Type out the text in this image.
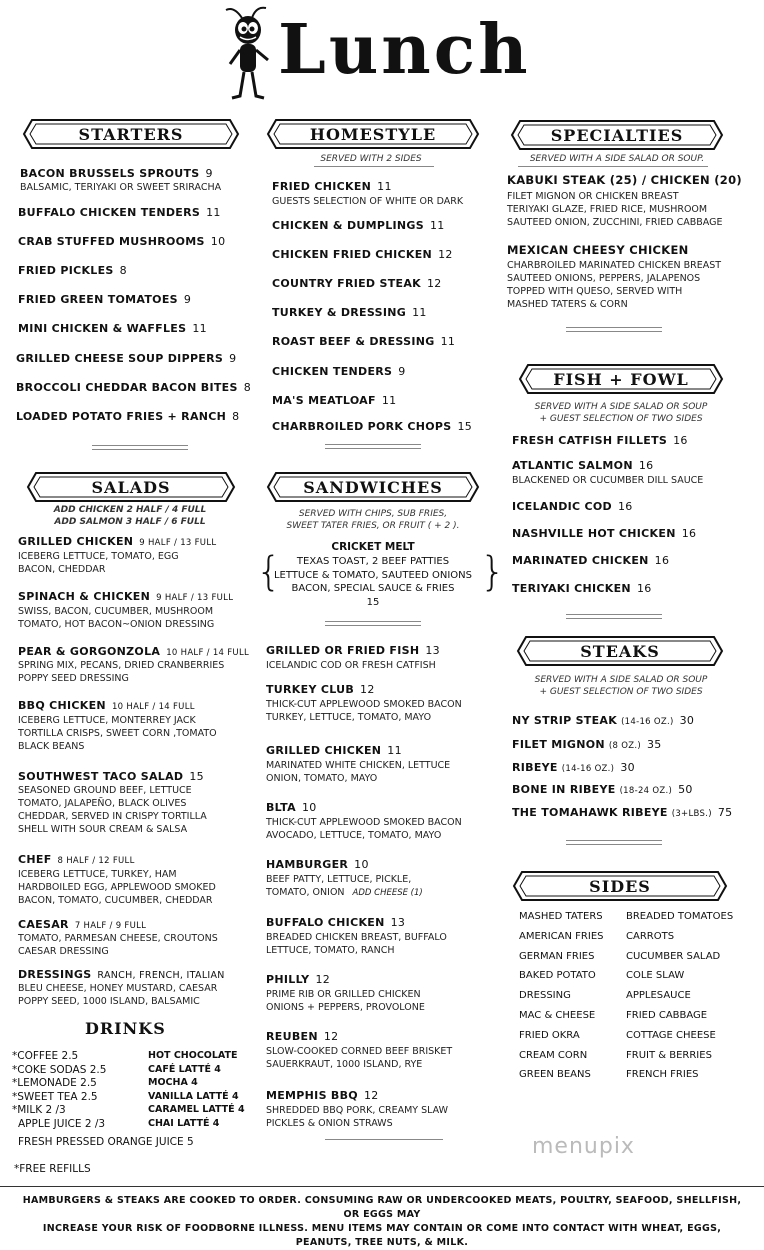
Lunch
STARTERS
BACON BRUSSELS SPROUTS 9
BALSAMIC, TERIYAKI OR SWEET SRIRACHA
BUFFALO CHICKEN TENDERS 11
CRAB STUFFED MUSHROOMS 10
FRIED PICKLES 8
FRIED GREEN TOMATOES 9
MINI CHICKEN & WAFFLES 11
GRILLED CHEESE SOUP DIPPERS 9
BROCCOLI CHEDDAR BACON BITES 8
LOADED POTATO FRIES + RANCH 8
SALADS
ADD CHICKEN 2 HALF / 4 FULL
ADD SALMON 3 HALF / 6 FULL
GRILLED CHICKEN 9 HALF / 13 FULL
ICEBERG LETTUCE, TOMATO, EGG
BACON, CHEDDAR
SPINACH & CHICKEN 9 HALF / 13 FULL
SWISS, BACON, CUCUMBER, MUSHROOM
TOMATO, HOT BACON~ONION DRESSING
PEAR & GORGONZOLA 10 HALF / 14 FULL
SPRING MIX, PECANS, DRIED CRANBERRIES
POPPY SEED DRESSING
BBQ CHICKEN 10 HALF / 14 FULL
ICEBERG LETTUCE, MONTERREY JACK
TORTILLA CRISPS, SWEET CORN ,TOMATO
BLACK BEANS
SOUTHWEST TACO SALAD 15
SEASONED GROUND BEEF, LETTUCE
TOMATO, JALAPEÑO, BLACK OLIVES
CHEDDAR, SERVED IN CRISPY TORTILLA
SHELL WITH SOUR CREAM & SALSA
CHEF 8 HALF / 12 FULL
ICEBERG LETTUCE, TURKEY, HAM
HARDBOILED EGG, APPLEWOOD SMOKED
BACON, TOMATO, CUCUMBER, CHEDDAR
CAESAR 7 HALF / 9 FULL
TOMATO, PARMESAN CHEESE, CROUTONS
CAESAR DRESSING
DRESSINGS RANCH, FRENCH, ITALIAN
BLEU CHEESE, HONEY MUSTARD, CAESAR
POPPY SEED, 1000 ISLAND, BALSAMIC
DRINKS
*COFFEE 2.5
*COKE SODAS 2.5
*LEMONADE 2.5
*SWEET TEA 2.5
*MILK 2 /3
APPLE JUICE 2 /3
HOT CHOCOLATE
CAFÉ LATTÉ 4
MOCHA 4
VANILLA LATTÉ 4
CARAMEL LATTÉ 4
CHAI LATTÉ 4
FRESH PRESSED ORANGE JUICE 5
*FREE REFILLS
HOMESTYLE
SERVED WITH 2 SIDES
FRIED CHICKEN 11
GUESTS SELECTION OF WHITE OR DARK
CHICKEN & DUMPLINGS 11
CHICKEN FRIED CHICKEN 12
COUNTRY FRIED STEAK 12
TURKEY & DRESSING 11
ROAST BEEF & DRESSING 11
CHICKEN TENDERS 9
MA'S MEATLOAF 11
CHARBROILED PORK CHOPS 15
SANDWICHES
SERVED WITH CHIPS, SUB FRIES,
SWEET TATER FRIES, OR FRUIT ( + 2 ).
{	}
CRICKET MELT
TEXAS TOAST, 2 BEEF PATTIES
LETTUCE & TOMATO, SAUTEED ONIONS
BACON, SPECIAL SAUCE & FRIES
15
GRILLED OR FRIED FISH 13
ICELANDIC COD OR FRESH CATFISH
TURKEY CLUB 12
THICK-CUT APPLEWOOD SMOKED BACON
TURKEY, LETTUCE, TOMATO, MAYO
GRILLED CHICKEN 11
MARINATED WHITE CHICKEN, LETTUCE
ONION, TOMATO, MAYO
BLTA 10
THICK-CUT APPLEWOOD SMOKED BACON
AVOCADO, LETTUCE, TOMATO, MAYO
HAMBURGER 10
BEEF PATTY, LETTUCE, PICKLE,
TOMATO, ONION ADD CHEESE (1)
BUFFALO CHICKEN 13
BREADED CHICKEN BREAST, BUFFALO
LETTUCE, TOMATO, RANCH
PHILLY 12
PRIME RIB OR GRILLED CHICKEN
ONIONS + PEPPERS, PROVOLONE
REUBEN 12
SLOW-COOKED CORNED BEEF BRISKET
SAUERKRAUT, 1000 ISLAND, RYE
MEMPHIS BBQ 12
SHREDDED BBQ PORK, CREAMY SLAW
PICKLES & ONION STRAWS
SPECIALTIES
SERVED WITH A SIDE SALAD OR SOUP.
KABUKI STEAK (25) / CHICKEN (20)
FILET MIGNON OR CHICKEN BREAST
TERIYAKI GLAZE, FRIED RICE, MUSHROOM
SAUTEED ONION, ZUCCHINI, FRIED CABBAGE
MEXICAN CHEESY CHICKEN
CHARBROILED MARINATED CHICKEN BREAST
SAUTEED ONIONS, PEPPERS, JALAPENOS
TOPPED WITH QUESO, SERVED WITH
MASHED TATERS & CORN
FISH + FOWL
SERVED WITH A SIDE SALAD OR SOUP
+ GUEST SELECTION OF TWO SIDES
FRESH CATFISH FILLETS 16
ATLANTIC SALMON 16
BLACKENED OR CUCUMBER DILL SAUCE
ICELANDIC COD 16
NASHVILLE HOT CHICKEN 16
MARINATED CHICKEN 16
TERIYAKI CHICKEN 16
STEAKS
SERVED WITH A SIDE SALAD OR SOUP
+ GUEST SELECTION OF TWO SIDES
NY STRIP STEAK (14-16 OZ.) 30
FILET MIGNON (8 OZ.) 35
RIBEYE (14-16 OZ.) 30
BONE IN RIBEYE (18-24 OZ.) 50
THE TOMAHAWK RIBEYE (3+LBS.) 75
SIDES
MASHED TATERS
AMERICAN FRIES
GERMAN FRIES
BAKED POTATO
DRESSING
MAC & CHEESE
FRIED OKRA
CREAM CORN
GREEN BEANS
BREADED TOMATOES
CARROTS
CUCUMBER SALAD
COLE SLAW
APPLESAUCE
FRIED CABBAGE
COTTAGE CHEESE
FRUIT & BERRIES
FRENCH FRIES
menupix
HAMBURGERS & STEAKS ARE COOKED TO ORDER. CONSUMING RAW OR UNDERCOOKED MEATS, POULTRY, SEAFOOD, SHELLFISH, OR EGGS MAY
INCREASE YOUR RISK OF FOODBORNE ILLNESS. MENU ITEMS MAY CONTAIN OR COME INTO CONTACT WITH WHEAT, EGGS, PEANUTS, TREE NUTS, & MILK.
